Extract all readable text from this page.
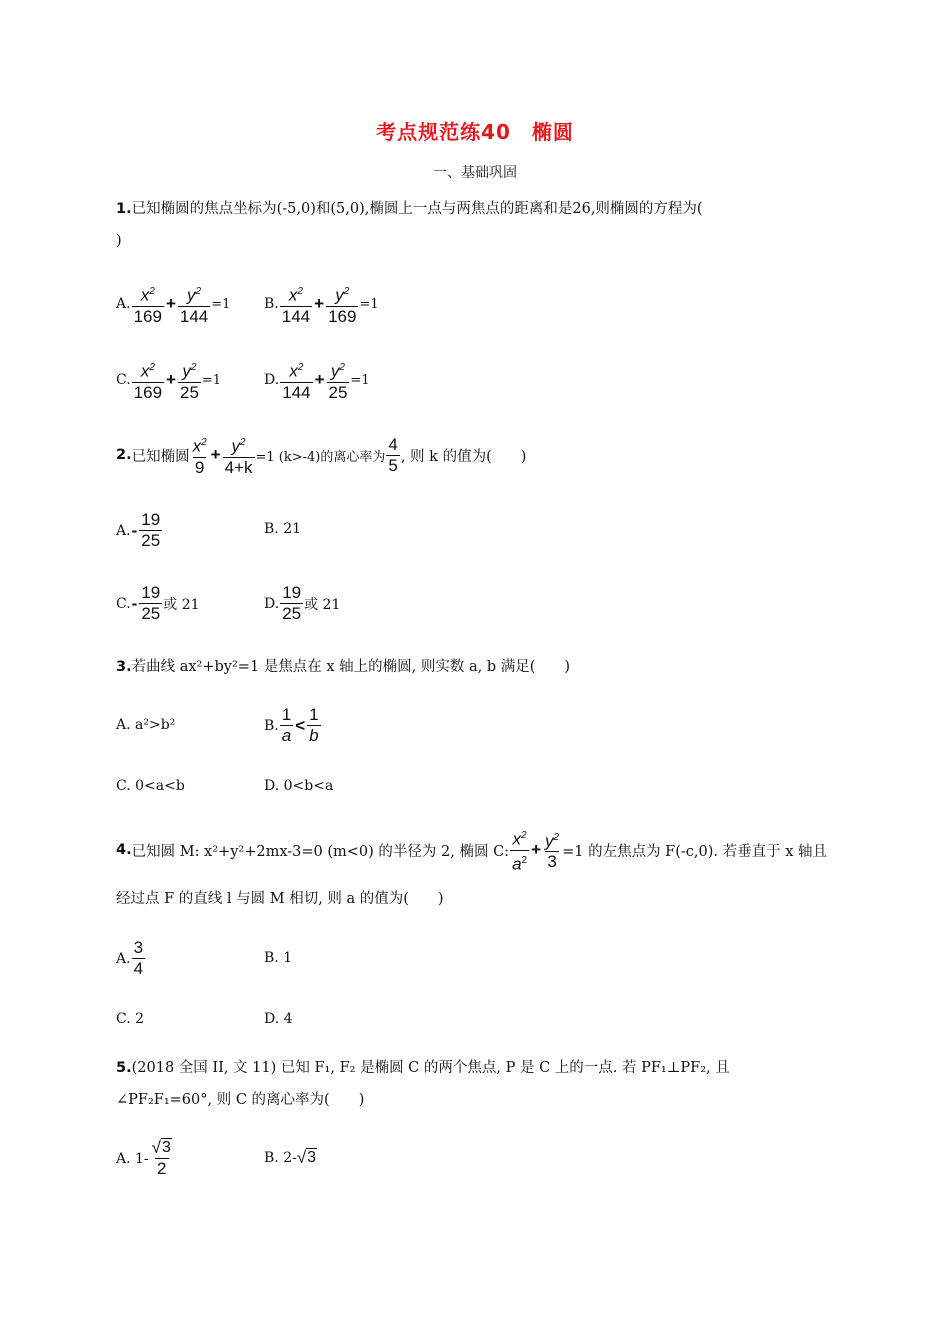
考点规范练40　椭圆
一、基础巩固
1.已知椭圆的焦点坐标为(-5,0)和(5,0),椭圆上一点与两焦点的距离和是26,则椭圆的方程为(
)
A. $\frac{x^2}{169} + \frac{y^2}{144} =1$ B. $\frac{x^2}{144} + \frac{y^2}{169} =1$
C. $\frac{x^2}{169} + \frac{y^2}{25} =1$	D. $\frac{x^2}{144} + \frac{y^2}{25} =1$
2. 已知椭圆 $\frac{x^2}{9} + \frac{y^2}{4+k} =1$ (k>-4)的离心率为 $\frac{4}{5}$ , 则 k 的值为(　　)
A. - $\frac{19}{25}$	B. 21
C. - $\frac{19}{25}$ 或 21	D. $\frac{19}{25}$ 或 21
3.若曲线 ax²+by²=1 是焦点在 x 轴上的椭圆, 则实数 a, b 满足(　　)
A. a²>b²	B. $\frac{1}{a} < \frac{1}{b}$
C. 0<a<b	D. 0<b<a
4. 已知圆 M: x²+y²+2mx-3=0 (m<0) 的半径为 2, 椭圆 C: $\frac{x^2}{a^2} + \frac{y^2}{3} =1$ 的左焦点为 F(-c,0). 若垂直于 x 轴且
经过点 F 的直线 l 与圆 M 相切, 则 a 的值为(　　)
A. $\frac{3}{4}$	B. 1
C. 2	D. 4
5.(2018 全国 II, 文 11) 已知 F₁, F₂ 是椭圆 C 的两个焦点, P 是 C 上的一点. 若 PF₁⊥PF₂, 且
∠PF₂F₁=60°, 则 C 的离心率为(　　)
A. $1- \frac{√ 3}{2}$	B. 2- √ 3
